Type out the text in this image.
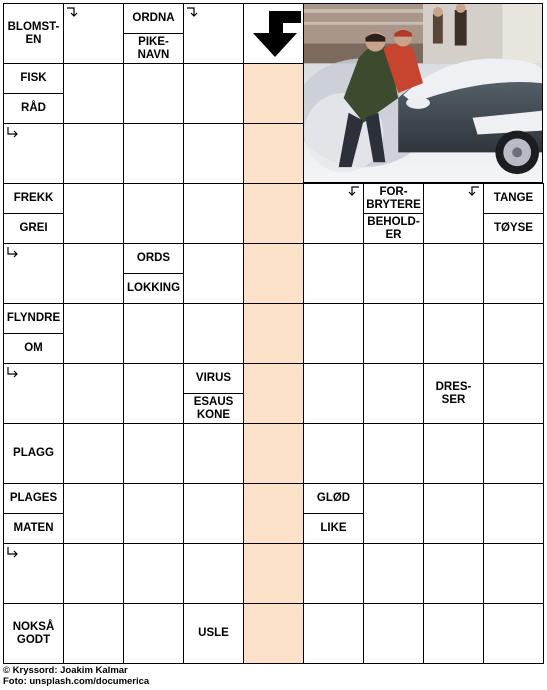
BLOMST-
EN
ORDNA
PIKE-
NAVN
FISK
RÅD
FREKK
GREI
FOR-
BRYTERE
BEHOLD-
ER
TANGE
TØYSE
ORDS
LOKKING
FLYNDRE
OM
VIRUS
ESAUS
KONE
DRES-
SER
PLAGG
PLAGES
MATEN
GLØD
LIKE
NOKSÅ
GODT
USLE
© Kryssord: Joakim Kalmar
Foto: unsplash.com/documerica
